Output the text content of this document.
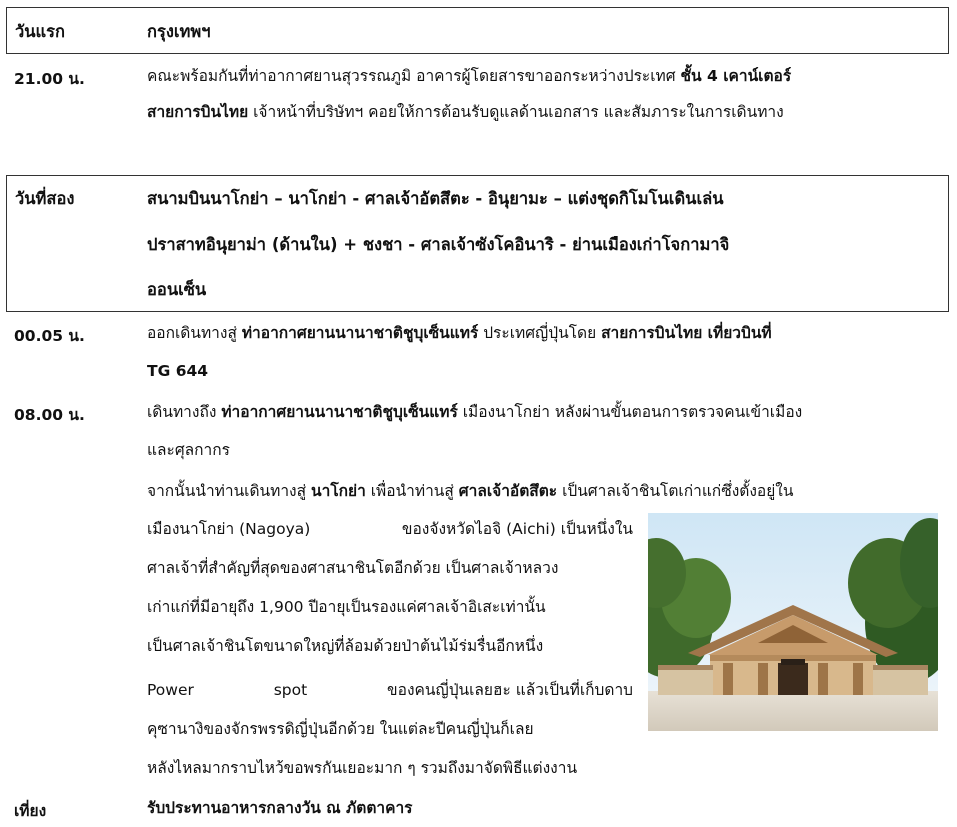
วันแรก	กรุงเทพฯ
21.00 น.	คณะพร้อมกันที่ท่าอากาศยานสุวรรณภูมิ อาคารผู้โดยสารขาออกระหว่างประเทศ ชั้น 4 เคาน์เตอร์
สายการบินไทย เจ้าหน้าที่บริษัทฯ คอยให้การต้อนรับดูแลด้านเอกสาร และสัมภาระในการเดินทาง
วันที่สอง	สนามบินนาโกย่า – นาโกย่า - ศาลเจ้าอัตสึตะ - อินุยามะ – แต่งชุดกิโมโนเดินเล่น
ปราสาทอินุยาม่า (ด้านใน) + ชงชา - ศาลเจ้าซังโคอินาริ - ย่านเมืองเก่าโจกามาจิ
ออนเซ็น
00.05 น.	ออกเดินทางสู่ ท่าอากาศยานนานาชาติชูบุเซ็นแทร์ ประเทศญี่ปุ่นโดย สายการบินไทย เที่ยวบินที่
TG 644
08.00 น.	เดินทางถึง ท่าอากาศยานนานาชาติชูบุเซ็นแทร์ เมืองนาโกย่า หลังผ่านขั้นตอนการตรวจคนเข้าเมือง
และศุลกากร
จากนั้นนำท่านเดินทางสู่ นาโกย่า เพื่อนำท่านสู่ ศาลเจ้าอัตสึตะ เป็นศาลเจ้าชินโตเก่าแก่ซึ่งตั้งอยู่ใน
เมืองนาโกย่า (Nagoya)	ของจังหวัดไอจิ (Aichi) เป็นหนึ่งใน
ศาลเจ้าที่สำคัญที่สุดของศาสนาชินโตอีกด้วย เป็นศาลเจ้าหลวง
เก่าแก่ที่มีอายุถึง 1,900 ปีอายุเป็นรองแค่ศาลเจ้าอิเสะเท่านั้น
เป็นศาลเจ้าชินโตขนาดใหญ่ที่ล้อมด้วยป่าต้นไม้ร่มรื่นอีกหนึ่ง
Power	spot	ของคนญี่ปุ่นเลยฮะ แล้วเป็นที่เก็บดาบ
คุซานางิของจักรพรรดิญี่ปุ่นอีกด้วย ในแต่ละปีคนญี่ปุ่นก็เลย
หลังไหลมากราบไหว้ขอพรกันเยอะมาก ๆ รวมถึงมาจัดพิธีแต่งงาน
เที่ยง	รับประทานอาหารกลางวัน ณ ภัตตาคาร
